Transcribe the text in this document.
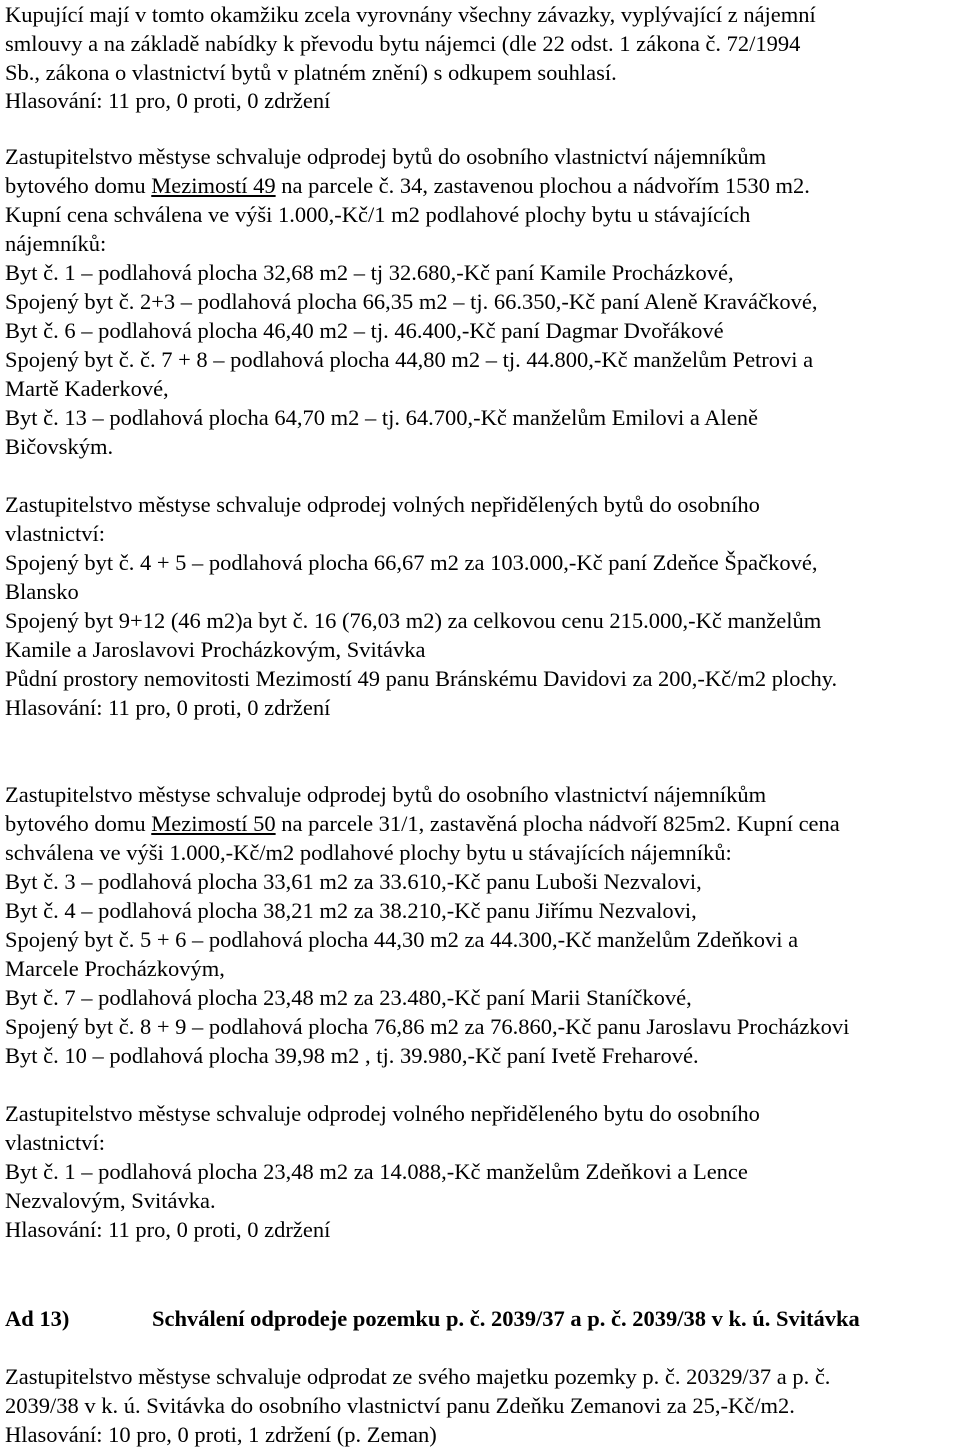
Kupující mají v tomto okamžiku zcela vyrovnány všechny závazky, vyplývající z nájemní
smlouvy a na základě nabídky k převodu bytu nájemci (dle 22 odst. 1 zákona č. 72/1994
Sb., zákona o vlastnictví bytů v platném znění) s odkupem souhlasí.
Hlasování: 11 pro, 0 proti, 0 zdržení
Zastupitelstvo městyse schvaluje odprodej bytů do osobního vlastnictví nájemníkům
bytového domu Mezimostí 49 na parcele č. 34, zastavenou plochou a nádvořím 1530 m2.
Kupní cena schválena ve výši 1.000,-Kč/1 m2 podlahové plochy bytu u stávajících
nájemníků:
Byt č. 1 – podlahová plocha 32,68 m2 – tj 32.680,-Kč paní Kamile Procházkové,
Spojený byt č. 2+3 – podlahová plocha 66,35 m2 – tj. 66.350,-Kč paní Aleně Kraváčkové,
Byt č. 6 – podlahová plocha 46,40 m2 – tj. 46.400,-Kč paní Dagmar Dvořákové
Spojený byt č. č. 7 + 8 – podlahová plocha 44,80 m2 – tj. 44.800,-Kč manželům Petrovi a
Martě Kaderkové,
Byt č. 13 – podlahová plocha 64,70 m2 – tj. 64.700,-Kč manželům Emilovi a Aleně
Bičovským.
Zastupitelstvo městyse schvaluje odprodej volných nepřidělených bytů do osobního
vlastnictví:
Spojený byt č. 4 + 5 – podlahová plocha 66,67 m2 za 103.000,-Kč paní Zdeňce Špačkové,
Blansko
Spojený byt 9+12 (46 m2)a byt č. 16 (76,03 m2) za celkovou cenu 215.000,-Kč manželům
Kamile a Jaroslavovi Procházkovým, Svitávka
Půdní prostory nemovitosti Mezimostí 49 panu Bránskému Davidovi za 200,-Kč/m2 plochy.
Hlasování: 11 pro, 0 proti, 0 zdržení
Zastupitelstvo městyse schvaluje odprodej bytů do osobního vlastnictví nájemníkům
bytového domu Mezimostí 50 na parcele 31/1, zastavěná plocha nádvoří 825m2. Kupní cena
schválena ve výši 1.000,-Kč/m2 podlahové plochy bytu u stávajících nájemníků:
Byt č. 3 – podlahová plocha 33,61 m2 za 33.610,-Kč panu Luboši Nezvalovi,
Byt č. 4 – podlahová plocha 38,21 m2 za 38.210,-Kč panu Jiřímu Nezvalovi,
Spojený byt č. 5 + 6 – podlahová plocha 44,30 m2 za 44.300,-Kč manželům Zdeňkovi a
Marcele Procházkovým,
Byt č. 7 – podlahová plocha 23,48 m2 za 23.480,-Kč paní Marii Staníčkové,
Spojený byt č. 8 + 9 – podlahová plocha 76,86 m2 za 76.860,-Kč panu Jaroslavu Procházkovi
Byt č. 10 – podlahová plocha 39,98 m2 , tj. 39.980,-Kč paní Ivetě Freharové.
Zastupitelstvo městyse schvaluje odprodej volného nepřiděleného bytu do osobního
vlastnictví:
Byt č. 1 – podlahová plocha 23,48 m2 za 14.088,-Kč manželům Zdeňkovi a Lence
Nezvalovým, Svitávka.
Hlasování: 11 pro, 0 proti, 0 zdržení
Ad 13)	Schválení odprodeje pozemku p. č. 2039/37 a p. č. 2039/38 v k. ú. Svitávka
Zastupitelstvo městyse schvaluje odprodat ze svého majetku pozemky p. č. 20329/37 a p. č.
2039/38 v k. ú. Svitávka do osobního vlastnictví panu Zdeňku Zemanovi za 25,-Kč/m2.
Hlasování: 10 pro, 0 proti, 1 zdržení (p. Zeman)
